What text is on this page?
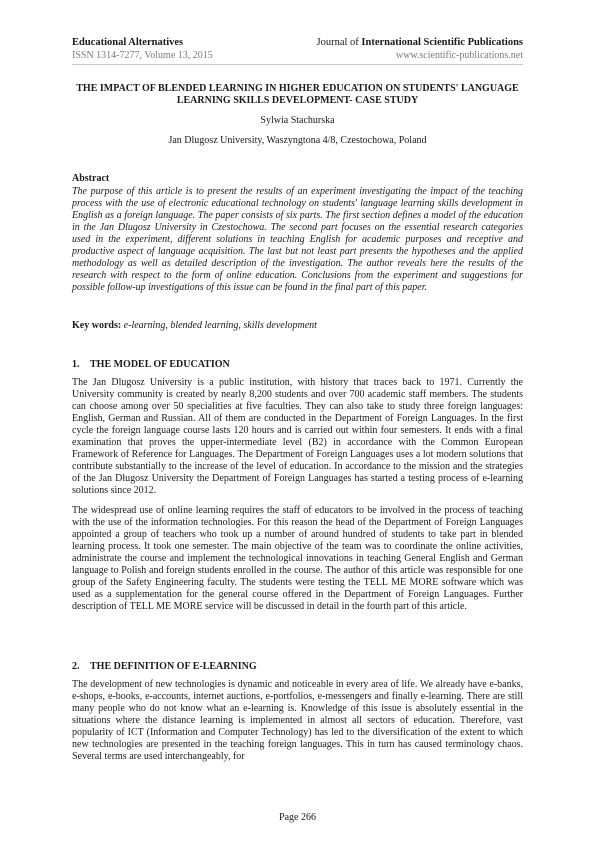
Educational Alternatives
ISSN 1314-7277, Volume 13, 2015
Journal of International Scientific Publications
www.scientific-publications.net
THE IMPACT OF BLENDED LEARNING IN HIGHER EDUCATION ON STUDENTS' LANGUAGE LEARNING SKILLS DEVELOPMENT- CASE STUDY
Sylwia Stachurska
Jan Dlugosz University, Waszyngtona 4/8, Czestochowa, Poland
Abstract

The purpose of this article is to present the results of an experiment investigating the impact of the teaching process with the use of electronic educational technology on students' language learning skills development in English as a foreign language. The paper consists of six parts. The first section defines a model of the education in the Jan Dlugosz University in Czestochowa. The second part focuses on the essential research categories used in the experiment, different solutions in teaching English for academic purposes and receptive and productive aspect of language acquisition. The last but not least part presents the hypotheses and the applied methodology as well as detailed description of the investigation. The author reveals here the results of the research with respect to the form of online education. Conclusions from the experiment and suggestions for possible follow-up investigations of this issue can be found in the final part of this paper.

Key words: e-learning, blended learning, skills development
1. THE MODEL OF EDUCATION

The Jan Dlugosz University is a public institution, with history that traces back to 1971. Currently the University community is created by nearly 8,200 students and over 700 academic staff members. The students can choose among over 50 specialities at five faculties. They can also take to study three foreign languages: English, German and Russian. All of them are conducted in the Department of Foreign Languages. In the first cycle the foreign language course lasts 120 hours and is carried out within four semesters. It ends with a final examination that proves the upper-intermediate level (B2) in accordance with the Common European Framework of Reference for Languages. The Department of Foreign Languages uses a lot modern solutions that contribute substantially to the increase of the level of education. In accordance to the mission and the strategies of the Jan Długosz University the Department of Foreign Languages has started a testing process of e-learning solutions since 2012.

The widespread use of online learning requires the staff of educators to be involved in the process of teaching with the use of the information technologies. For this reason the head of the Department of Foreign Languages appointed a group of teachers who took up a number of around hundred of students to take part in blended learning process. It took one semester. The main objective of the team was to coordinate the online activities, administrate the course and implement the technological innovations in teaching General English and German language to Polish and foreign students enrolled in the course. The author of this article was responsible for one group of the Safety Engineering faculty. The students were testing the TELL ME MORE software which was used as a supplementation for the general course offered in the Department of Foreign Languages. Further description of TELL ME MORE service will be discussed in detail in the fourth part of this article.

2. THE DEFINITION OF E-LEARNING

The development of new technologies is dynamic and noticeable in every area of life. We already have e-banks, e-shops, e-books, e-accounts, internet auctions, e-portfolios, e-messengers and finally e-learning. There are still many people who do not know what an e-learning is. Knowledge of this issue is absolutely essential in the situations where the distance learning is implemented in almost all sectors of education. Therefore, vast popularity of ICT (Information and Computer Technology) has led to the diversification of the extent to which new technologies are presented in the teaching foreign languages. This in turn has caused terminology chaos. Several terms are used interchangeably, for

Page 266
